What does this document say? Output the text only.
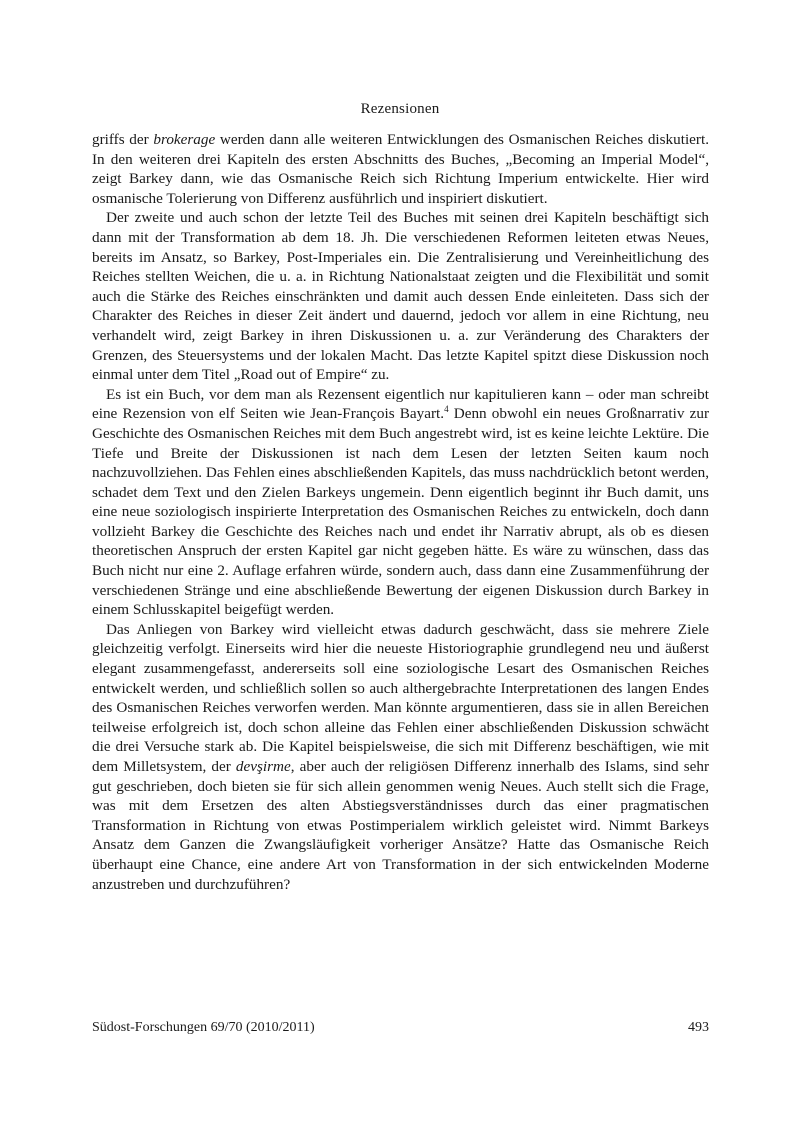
Rezensionen

griffs der brokerage werden dann alle weiteren Entwicklungen des Osmanischen Reiches diskutiert. In den weiteren drei Kapiteln des ersten Abschnitts des Buches, „Becoming an Imperial Model“, zeigt Barkey dann, wie das Osmanische Reich sich Richtung Imperium entwickelte. Hier wird osmanische Tolerierung von Differenz ausführlich und inspiriert diskutiert.

Der zweite und auch schon der letzte Teil des Buches mit seinen drei Kapiteln beschäftigt sich dann mit der Transformation ab dem 18. Jh. Die verschiedenen Reformen leiteten etwas Neues, bereits im Ansatz, so Barkey, Post-Imperiales ein. Die Zentralisierung und Vereinheitlichung des Reiches stellten Weichen, die u. a. in Richtung Nationalstaat zeigten und die Flexibilität und somit auch die Stärke des Reiches einschränkten und damit auch dessen Ende einleiteten. Dass sich der Charakter des Reiches in dieser Zeit ändert und dauernd, jedoch vor allem in eine Richtung, neu verhandelt wird, zeigt Barkey in ihren Diskussionen u. a. zur Veränderung des Charakters der Grenzen, des Steuersystems und der lokalen Macht. Das letzte Kapitel spitzt diese Diskussion noch einmal unter dem Titel „Road out of Empire“ zu.

Es ist ein Buch, vor dem man als Rezensent eigentlich nur kapitulieren kann – oder man schreibt eine Rezension von elf Seiten wie Jean-François Bayart.$^4$ Denn obwohl ein neues Großnarrativ zur Geschichte des Osmanischen Reiches mit dem Buch angestrebt wird, ist es keine leichte Lektüre. Die Tiefe und Breite der Diskussionen ist nach dem Lesen der letzten Seiten kaum noch nachzuvollziehen. Das Fehlen eines abschließenden Kapitels, das muss nachdrücklich betont werden, schadet dem Text und den Zielen Barkeys ungemein. Denn eigentlich beginnt ihr Buch damit, uns eine neue soziologisch inspirierte Interpretation des Osmanischen Reiches zu entwickeln, doch dann vollzieht Barkey die Geschichte des Reiches nach und endet ihr Narrativ abrupt, als ob es diesen theoretischen Anspruch der ersten Kapitel gar nicht gegeben hätte. Es wäre zu wünschen, dass das Buch nicht nur eine 2. Auflage erfahren würde, sondern auch, dass dann eine Zusammenführung der verschiedenen Stränge und eine abschließende Bewertung der eigenen Diskussion durch Barkey in einem Schlusskapitel beigefügt werden.

Das Anliegen von Barkey wird vielleicht etwas dadurch geschwächt, dass sie mehrere Ziele gleichzeitig verfolgt. Einerseits wird hier die neueste Historiographie grundlegend neu und äußerst elegant zusammengefasst, andererseits soll eine soziologische Lesart des Osmanischen Reiches entwickelt werden, und schließlich sollen so auch althergebrachte Interpretationen des langen Endes des Osmanischen Reiches verworfen werden. Man könnte argumentieren, dass sie in allen Bereichen teilweise erfolgreich ist, doch schon alleine das Fehlen einer abschließenden Diskussion schwächt die drei Versuche stark ab. Die Kapitel beispielsweise, die sich mit Differenz beschäftigen, wie mit dem Milletsystem, der devşirme, aber auch der religiösen Differenz innerhalb des Islams, sind sehr gut geschrieben, doch bieten sie für sich allein genommen wenig Neues. Auch stellt sich die Frage, was mit dem Ersetzen des alten Abstiegsverständnisses durch das einer pragmatischen Transformation in Richtung von etwas Postimperialem wirklich geleistet wird. Nimmt Barkeys Ansatz dem Ganzen die Zwangsläufigkeit vorheriger Ansätze? Hatte das Osmanische Reich überhaupt eine Chance, eine andere Art von Transformation in der sich entwickelnden Moderne anzustreben und durchzuführen?

Südost-Forschungen 69/70 (2010/2011)	493
